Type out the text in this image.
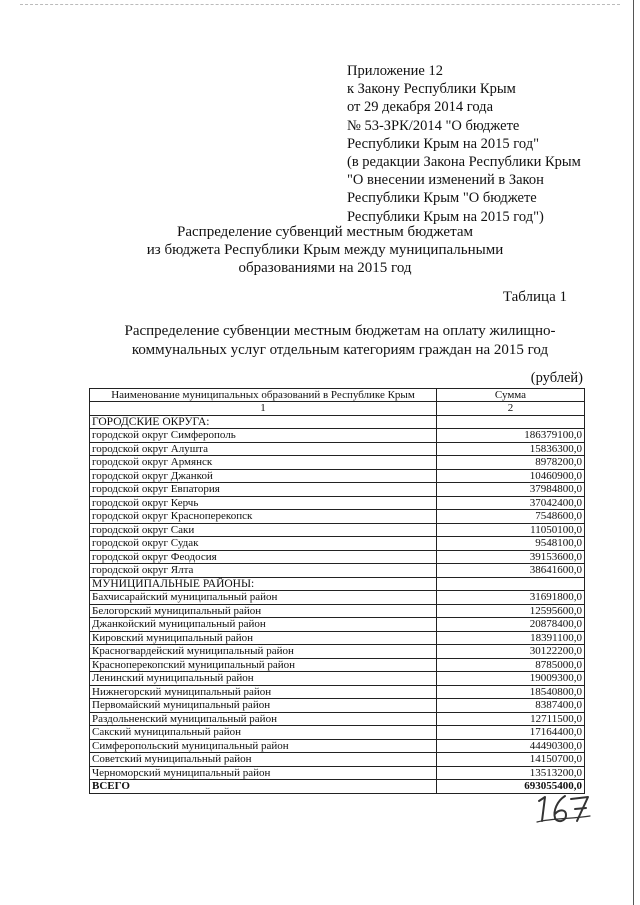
Приложение 12
к Закону Республики Крым
от 29 декабря 2014 года
№ 53-ЗРК/2014 "О бюджете
Республики Крым на 2015 год"
(в редакции Закона Республики Крым
"О внесении изменений в Закон
Республики Крым "О бюджете
Республики Крым на 2015 год")
Распределение субвенций местным бюджетам
из бюджета Республики Крым между муниципальными
образованиями на 2015 год
Таблица 1
Распределение субвенции местным бюджетам на оплату жилищно-
коммунальных услуг отдельным категориям граждан на 2015 год
(рублей)
Наименование муниципальных образований в Республике Крым	Сумма
1	2
ГОРОДСКИЕ ОКРУГА:	
городской округ Симферополь	186379100,0
городской округ Алушта	15836300,0
городской округ Армянск	8978200,0
городской округ Джанкой	10460900,0
городской округ Евпатория	37984800,0
городской округ Керчь	37042400,0
городской округ Красноперекопск	7548600,0
городской округ Саки	11050100,0
городской округ Судак	9548100,0
городской округ Феодосия	39153600,0
городской округ Ялта	38641600,0
МУНИЦИПАЛЬНЫЕ РАЙОНЫ:	
Бахчисарайский муниципальный район	31691800,0
Белогорский муниципальный район	12595600,0
Джанкойский муниципальный район	20878400,0
Кировский муниципальный район	18391100,0
Красногвардейский муниципальный район	30122200,0
Красноперекопский муниципальный район	8785000,0
Ленинский муниципальный район	19009300,0
Нижнегорский муниципальный район	18540800,0
Первомайский муниципальный район	8387400,0
Раздольненский муниципальный район	12711500,0
Сакский муниципальный район	17164400,0
Симферопольский муниципальный район	44490300,0
Советский муниципальный район	14150700,0
Черноморский муниципальный район	13513200,0
ВСЕГО	693055400,0
